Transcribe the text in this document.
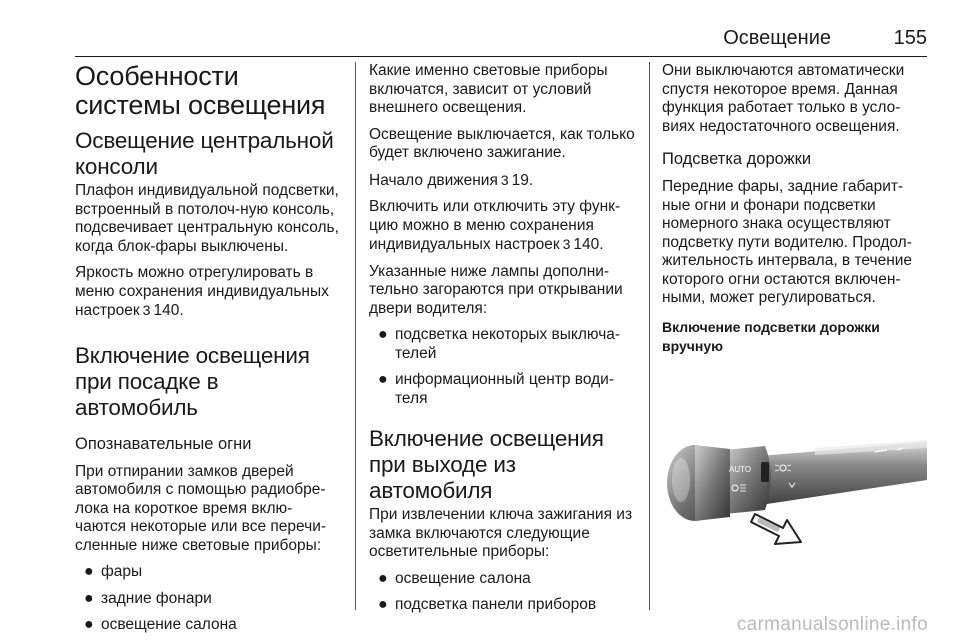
Освещение	155
Особенности системы освещения
Освещение центральной консоли

Плафон индивидуальной подсветки, встроенный в потолоч-ную консоль, подсвечивает центральную консоль, когда блок-фары выключены.

Яркость можно отрегулировать в меню сохранения индивидуальных настроек 3 140.

Включение освещения при посадке в автомобиль
Опознавательные огни

При отпирании замков дверей автомобиля с помощью радиобре-лока на короткое время вклю-чаются некоторые или все перечи-сленные ниже световые приборы:

● фары
● задние фонари
● освещение салона

Какие именно световые приборы включатся, зависит от условий внешнего освещения.

Освещение выключается, как только будет включено зажигание.

Начало движения 3 19.

Включить или отключить эту функ-цию можно в меню сохранения индивидуальных настроек 3 140.

Указанные ниже лампы дополни-тельно загораются при открывании двери водителя:

● подсветка некоторых выключа-телей
● информационный центр води-теля
Включение освещения при выходе из автомобиля

При извлечении ключа зажигания из замка включаются следующие осветительные приборы:

● освещение салона
● подсветка панели приборов

Они выключаются автоматически спустя некоторое время. Данная функция работает только в усло-виях недостаточного освещения.

Подсветка дорожки

Передние фары, задние габарит-ные огни и фонари подсветки номерного знака осуществляют подсветку пути водителю. Продол-жительность интервала, в течение которого огни остаются включен-ными, может регулироваться.

Включение подсветки дорожки вручную
AUTO
carmanualsonline.info
